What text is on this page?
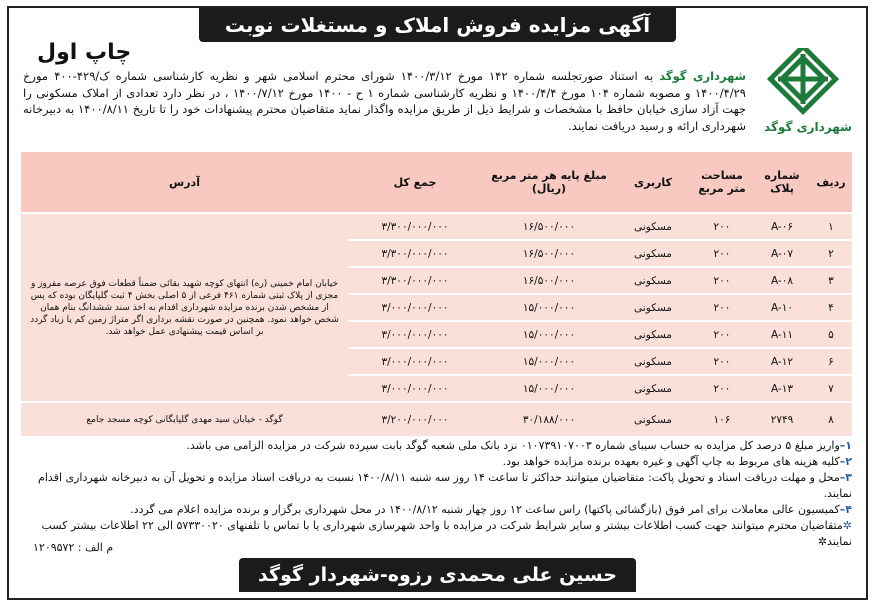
آگهی مزایده فروش املاک و مستغلات نوبت سوم
چاپ اول
شهرداری گوگد
شهرداری گوگد به استناد صورتجلسه شماره ۱۴۲ مورخ ۱۴۰۰/۳/۱۲ شورای محترم اسلامی شهر و نظریه کارشناسی شماره ک/۴۲۹-۴۰۰ مورخ ۱۴۰۰/۴/۲۹ و مصوبه شماره ۱۰۴ مورخ ۱۴۰۰/۴/۴ و نظریه کارشناسی شماره ۱ ح - ۱۴۰۰ مورخ ۱۴۰۰/۷/۱۲ ، در نظر دارد تعدادی از املاک مسکونی را جهت آزاد سازی خیابان حافظ با مشخصات و شرایط ذیل از طریق مزایده واگذار نماید متقاضیان محترم پیشنهادات خود را تا تاریخ ۱۴۰۰/۸/۱۱ به دبیرخانه شهرداری ارائه و رسید دریافت نمایند.
ردیف	شماره پلاک	مساحت متر مربع	کاربری	مبلغ پایه هر متر مربع (ریال)	جمع کل	آدرس
۱	A-۰۶	۲۰۰	مسکونی	۱۶/۵۰۰/۰۰۰	۳/۳۰۰/۰۰۰/۰۰۰	خیابان امام خمینی (ره) انتهای کوچه شهید بقائی ضمناً قطعات فوق عرصه مفروز و مجزی از پلاک ثبتی شماره ۴۶۱ فرعی از ۵ اصلی بخش ۴ ثبت گلپایگان بوده که پس از مشخص شدن برنده مزایده شهرداری اقدام به اخذ سند ششدانگ بنام همان شخص خواهد نمود. همچنین در صورت نقشه برداری اگر متراژ زمین کم یا زیاد گردد بر اساس قیمت پیشنهادی عمل خواهد شد.
۲	A-۰۷	۲۰۰	مسکونی	۱۶/۵۰۰/۰۰۰	۳/۳۰۰/۰۰۰/۰۰۰	
۳	A-۰۸	۲۰۰	مسکونی	۱۶/۵۰۰/۰۰۰	۳/۳۰۰/۰۰۰/۰۰۰	
۴	A-۱۰	۲۰۰	مسکونی	۱۵/۰۰۰/۰۰۰	۳/۰۰۰/۰۰۰/۰۰۰	
۵	A-۱۱	۲۰۰	مسکونی	۱۵/۰۰۰/۰۰۰	۳/۰۰۰/۰۰۰/۰۰۰	
۶	A-۱۲	۲۰۰	مسکونی	۱۵/۰۰۰/۰۰۰	۳/۰۰۰/۰۰۰/۰۰۰	
۷	A-۱۳	۲۰۰	مسکونی	۱۵/۰۰۰/۰۰۰	۳/۰۰۰/۰۰۰/۰۰۰	
۸	۲۷۴۹	۱۰۶	مسکونی	۳۰/۱۸۸/۰۰۰	۳/۲۰۰/۰۰۰/۰۰۰	گوگد - خیابان سید مهدی گلپایگانی کوچه مسجد جامع

۱–واریز مبلغ ۵ درصد کل مزایده به حساب سیبای شماره ۰۱۰۷۳۹۱۰۷۰۰۳ نزد بانک ملی شعبه گوگد بابت سپرده شرکت در مزایده الزامی می باشد.

۲–کلیه هزینه های مربوط به چاپ آگهی و غیره بعهده برنده مزایده خواهد بود.

۳–محل و مهلت دریافت اسناد و تحویل پاکت: متقاضیان میتوانند حداکثر تا ساعت ۱۴ روز سه شنبه ۱۴۰۰/۸/۱۱ نسبت به دریافت اسناد مزایده و تحویل آن به دبیرخانه شهرداری اقدام نمایند.

۴–کمیسیون عالی معاملات برای امر فوق (بازگشائی پاکتها) راس ساعت ۱۲ روز چهار شنبه ۱۴۰۰/۸/۱۲ در محل شهرداری برگزار و برنده مزایده اعلام می گردد.

✲متقاضیان محترم میتوانند جهت کسب اطلاعات بیشتر و سایر شرایط شرکت در مزایده با واحد شهرسازی شهرداری یا با تماس با تلفنهای ۵۷۳۳۰۰۲۰ الی ۲۲ اطلاعات بیشتر کسب نمایند✲

م الف : ۱۲۰۹۵۷۲
حسین علی محمدی رزوه-شهردار گوگد
